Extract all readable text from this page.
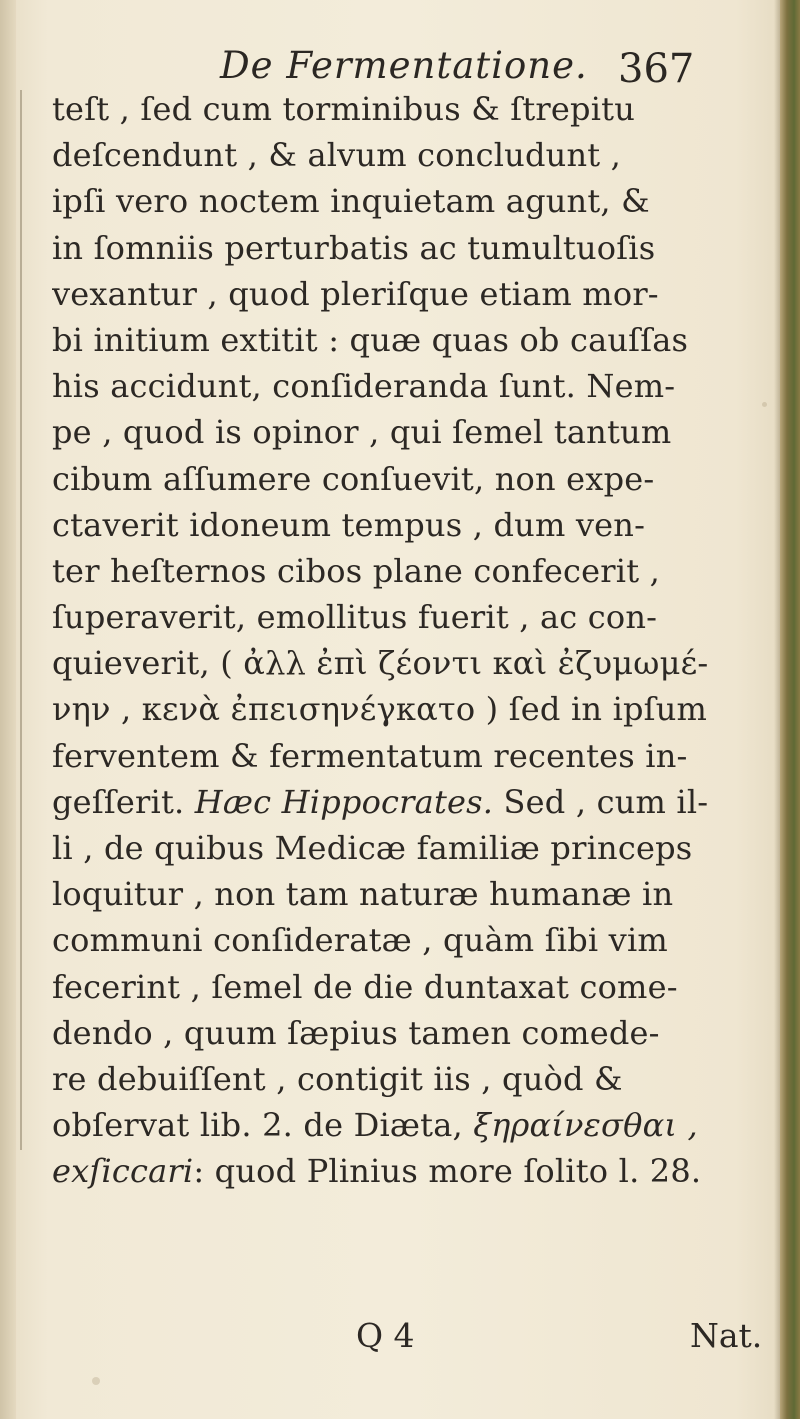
De Fermentatione. 367
teſt , ſed cum torminibus & ſtrepitu
deſcendunt , & alvum concludunt ,
ipſi vero noctem inquietam agunt, &
in ſomniis perturbatis ac tumultuoſis
vexantur , quod pleriſque etiam mor-
bi initium extitit : quæ quas ob cauſſas
his accidunt, conſideranda ſunt. Nem-
pe , quod is opinor , qui ſemel tantum
cibum aſſumere conſuevit, non expe-
ctaverit idoneum tempus , dum ven-
ter heſternos cibos plane confecerit ,
ſuperaverit, emollitus fuerit , ac con-
quieverit, ( ἀλλ ἐπὶ ζέοντι καὶ ἐζυμωμέ-
νην , κενὰ ἐπεισηνέγκατο ) ſed in ipſum
ferventem & fermentatum recentes in-
geſſerit. Hæc Hippocrates. Sed , cum il-
li , de quibus Medicæ familiæ princeps
loquitur , non tam naturæ humanæ in
communi conſideratæ , quàm ſibi vim
fecerint , ſemel de die duntaxat come-
dendo , quum ſæpius tamen comede-
re debuiſſent , contigit iis , quòd &
obſervat lib. 2. de Diæta, ξηραίνεσθαι ,
exſiccari: quod Plinius more ſolito l. 28.
Q 4	Nat.
